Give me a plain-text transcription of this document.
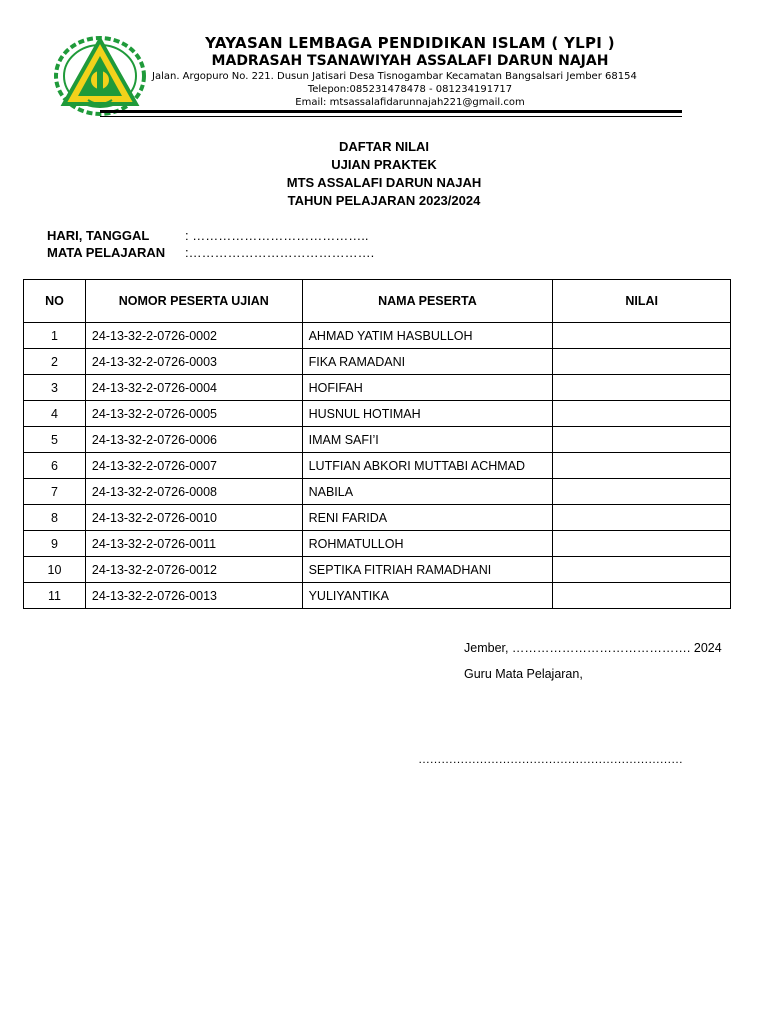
YAYASAN LEMBAGA PENDIDIKAN ISLAM ( YLPI )
MADRASAH TSANAWIYAH ASSALAFI DARUN NAJAH
Jalan. Argopuro No. 221. Dusun Jatisari Desa Tisnogambar Kecamatan Bangsalsari Jember 68154
Telepon:085231478478 - 081234191717
Email: mtsassalafidarunnajah221@gmail.com
DAFTAR NILAI
UJIAN PRAKTEK
MTS ASSALAFI DARUN NAJAH
TAHUN PELAJARAN 2023/2024
HARI, TANGGAL	: …………………………………..
MATA PELAJARAN :…………………………………….
NO	NOMOR PESERTA UJIAN	NAMA PESERTA	NILAI
1	24-13-32-2-0726-0002	AHMAD YATIM HASBULLOH	
2	24-13-32-2-0726-0003	FIKA RAMADANI	
3	24-13-32-2-0726-0004	HOFIFAH	
4	24-13-32-2-0726-0005	HUSNUL HOTIMAH	
5	24-13-32-2-0726-0006	IMAM SAFI’I	
6	24-13-32-2-0726-0007	LUTFIAN ABKORI MUTTABI ACHMAD	
7	24-13-32-2-0726-0008	NABILA	
8	24-13-32-2-0726-0010	RENI FARIDA	
9	24-13-32-2-0726-0011	ROHMATULLOH	
10	24-13-32-2-0726-0012	SEPTIKA FITRIAH RAMADHANI	
11	24-13-32-2-0726-0013	YULIYANTIKA	
Jember, ……………………………………. 2024
Guru Mata Pelajaran,
……………………………………………………………
